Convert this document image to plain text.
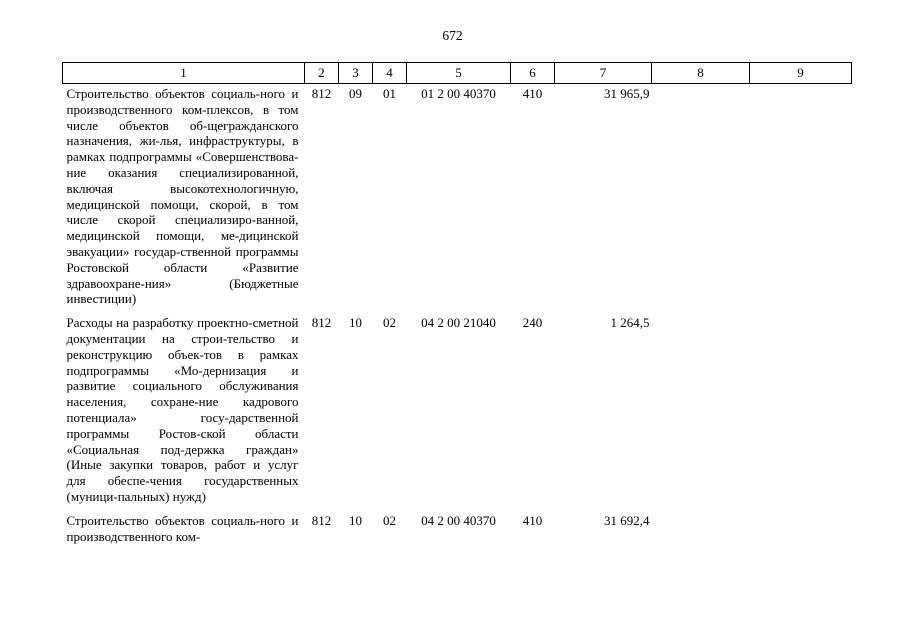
672
1	2	3	4	5	6	7	8	9
Строительство объектов социаль-ного и производственного ком-плексов, в том числе объектов об-щегражданского назначения, жи-лья, инфраструктуры, в рамках подпрограммы «Совершенствова-ние оказания специализированной, включая высокотехнологичную, медицинской помощи, скорой, в том числе скорой специализиро-ванной, медицинской помощи, ме-дицинской эвакуации» государ-ственной программы Ростовской области «Развитие здравоохране-ния» (Бюджетные инвестиции)	812	09	01	01 2 00 40370	410	31 965,9		
Расходы на разработку проектно-сметной документации на строи-тельство и реконструкцию объек-тов в рамках подпрограммы «Мо-дернизация и развитие социального обслуживания населения, сохране-ние кадрового потенциала» госу-дарственной программы Ростов-ской области «Социальная под-держка граждан» (Иные закупки товаров, работ и услуг для обеспе-чения государственных (муници-пальных) нужд)	812	10	02	04 2 00 21040	240	1 264,5		
Строительство объектов социаль-ного и производственного ком-	812	10	02	04 2 00 40370	410	31 692,4		
